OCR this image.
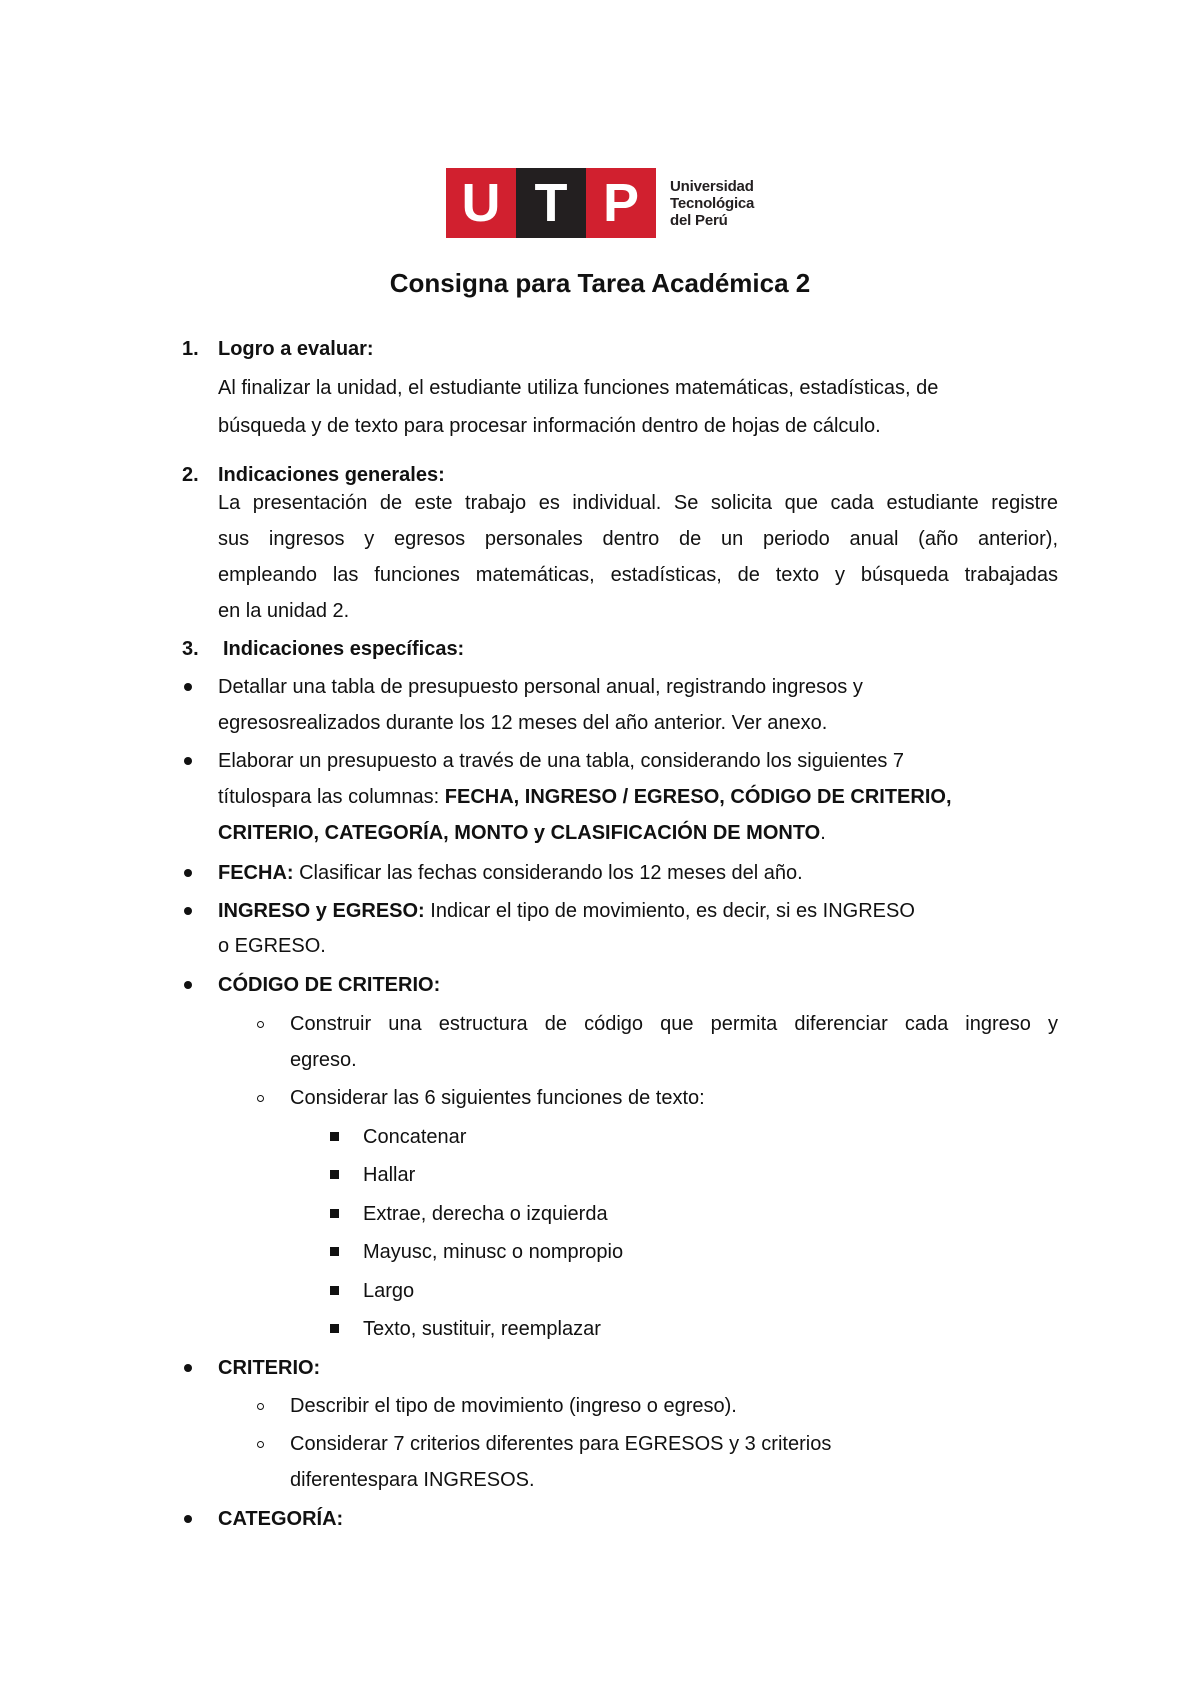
U T P	Universidad
Tecnológica
del Perú
Consigna para Tarea Académica 2
1. Logro a evaluar:
Al finalizar la unidad, el estudiante utiliza funciones matemáticas, estadísticas, de
búsqueda y de texto para procesar información dentro de hojas de cálculo.
2. Indicaciones generales:
La presentación de este trabajo es individual. Se solicita que cada estudiante registre
sus ingresos y egresos personales dentro de un periodo anual (año anterior),
empleando las funciones matemáticas, estadísticas, de texto y búsqueda trabajadas
en la unidad 2.
3. Indicaciones específicas:
Detallar una tabla de presupuesto personal anual, registrando ingresos y
egresosrealizados durante los 12 meses del año anterior. Ver anexo.
Elaborar un presupuesto a través de una tabla, considerando los siguientes 7
títulospara las columnas: FECHA, INGRESO / EGRESO, CÓDIGO DE CRITERIO,
CRITERIO, CATEGORÍA, MONTO y CLASIFICACIÓN DE MONTO.
FECHA: Clasificar las fechas considerando los 12 meses del año.
INGRESO y EGRESO: Indicar el tipo de movimiento, es decir, si es INGRESO
o EGRESO.
CÓDIGO DE CRITERIO:
Construir una estructura de código que permita diferenciar cada ingreso y
egreso.
Considerar las 6 siguientes funciones de texto:
Concatenar
Hallar
Extrae, derecha o izquierda
Mayusc, minusc o nompropio
Largo
Texto, sustituir, reemplazar
CRITERIO:
Describir el tipo de movimiento (ingreso o egreso).
Considerar 7 criterios diferentes para EGRESOS y 3 criterios
diferentespara INGRESOS.
CATEGORÍA:
